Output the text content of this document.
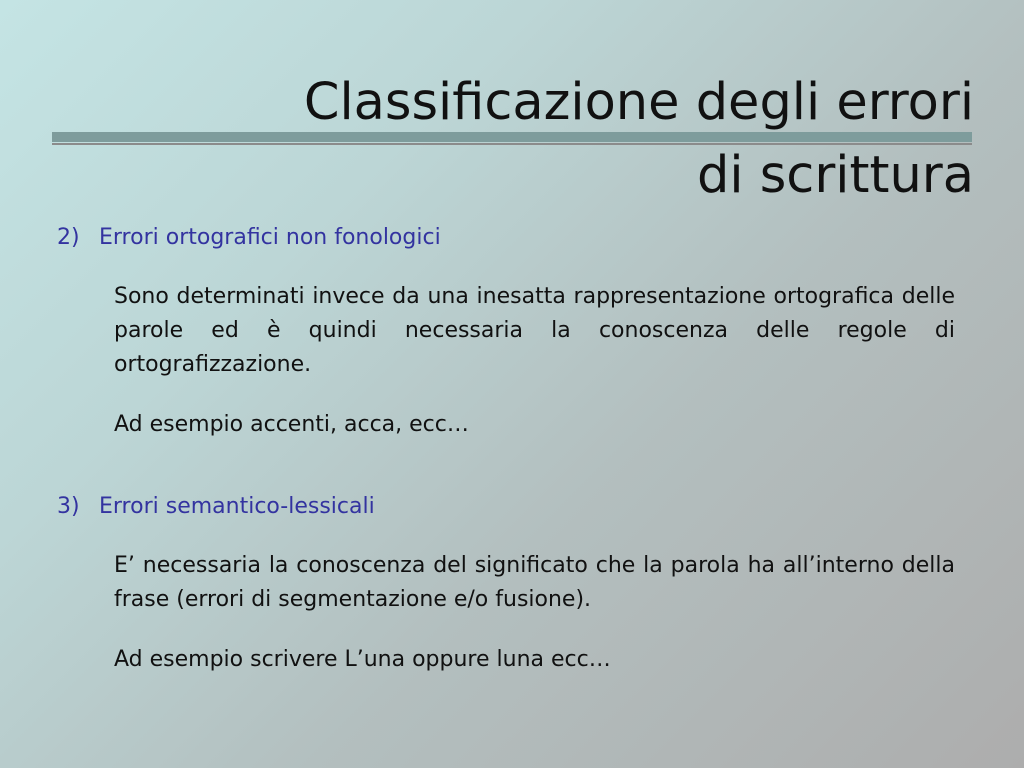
Classificazione degli errori
di scrittura
2) Errori ortografici non fonologici
Sono determinati invece da una inesatta rappresentazione ortografica delle parole ed è quindi necessaria la conoscenza delle regole di ortografizzazione.
Ad esempio accenti, acca, ecc…
3) Errori semantico-lessicali
E’ necessaria la conoscenza del significato che la parola ha all’interno della frase (errori di segmentazione e/o fusione).
Ad esempio scrivere L’una oppure luna ecc…
